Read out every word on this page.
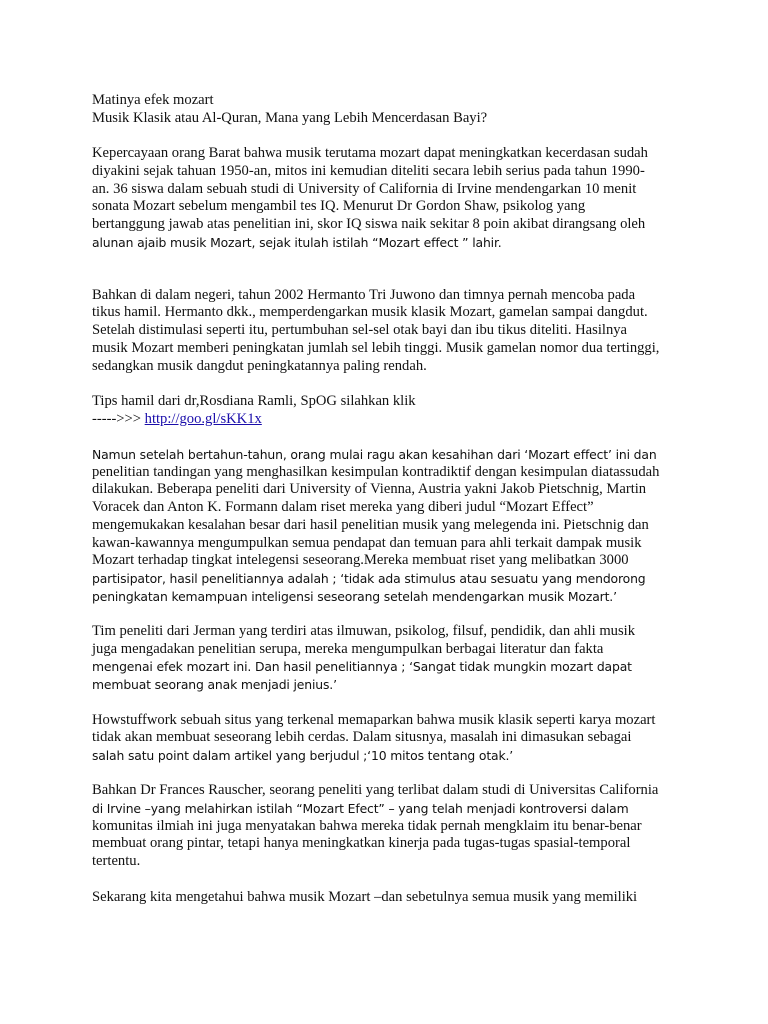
Matinya efek mozart
Musik Klasik atau Al-Quran, Mana yang Lebih Mencerdasan Bayi?
Kepercayaan orang Barat bahwa musik terutama mozart dapat meningkatkan kecerdasan sudah
diyakini sejak tahuan 1950-an, mitos ini kemudian diteliti secara lebih serius pada tahun 1990-
an. 36 siswa dalam sebuah studi di University of California di Irvine mendengarkan 10 menit
sonata Mozart sebelum mengambil tes IQ. Menurut Dr Gordon Shaw, psikolog yang
bertanggung jawab atas penelitian ini, skor IQ siswa naik sekitar 8 poin akibat dirangsang oleh
alunan ajaib musik Mozart, sejak itulah istilah “Mozart effect ” lahir.
Bahkan di dalam negeri, tahun 2002 Hermanto Tri Juwono dan timnya pernah mencoba pada
tikus hamil. Hermanto dkk., memperdengarkan musik klasik Mozart, gamelan sampai dangdut.
Setelah distimulasi seperti itu, pertumbuhan sel-sel otak bayi dan ibu tikus diteliti. Hasilnya
musik Mozart memberi peningkatan jumlah sel lebih tinggi. Musik gamelan nomor dua tertinggi,
sedangkan musik dangdut peningkatannya paling rendah.
Tips hamil dari dr,Rosdiana Ramli, SpOG silahkan klik
----->>> http://goo.gl/sKK1x
Namun setelah bertahun-tahun, orang mulai ragu akan kesahihan dari ‘Mozart effect’ ini dan
penelitian tandingan yang menghasilkan kesimpulan kontradiktif dengan kesimpulan diatassudah
dilakukan. Beberapa peneliti dari University of Vienna, Austria yakni Jakob Pietschnig, Martin
Voracek dan Anton K. Formann dalam riset mereka yang diberi judul “Mozart Effect”
mengemukakan kesalahan besar dari hasil penelitian musik yang melegenda ini. Pietschnig dan
kawan-kawannya mengumpulkan semua pendapat dan temuan para ahli terkait dampak musik
Mozart terhadap tingkat intelegensi seseorang.Mereka membuat riset yang melibatkan 3000
partisipator, hasil penelitiannya adalah ; ‘tidak ada stimulus atau sesuatu yang mendorong
peningkatan kemampuan inteligensi seseorang setelah mendengarkan musik Mozart.’
Tim peneliti dari Jerman yang terdiri atas ilmuwan, psikolog, filsuf, pendidik, dan ahli musik
juga mengadakan penelitian serupa, mereka mengumpulkan berbagai literatur dan fakta
mengenai efek mozart ini. Dan hasil penelitiannya ; ‘Sangat tidak mungkin mozart dapat
membuat seorang anak menjadi jenius.’
Howstuffwork sebuah situs yang terkenal memaparkan bahwa musik klasik seperti karya mozart
tidak akan membuat seseorang lebih cerdas. Dalam situsnya, masalah ini dimasukan sebagai
salah satu point dalam artikel yang berjudul ;‘10 mitos tentang otak.’
Bahkan Dr Frances Rauscher, seorang peneliti yang terlibat dalam studi di Universitas California
di Irvine –yang melahirkan istilah “Mozart Efect” – yang telah menjadi kontroversi dalam
komunitas ilmiah ini juga menyatakan bahwa mereka tidak pernah mengklaim itu benar-benar
membuat orang pintar, tetapi hanya meningkatkan kinerja pada tugas-tugas spasial-temporal
tertentu.
Sekarang kita mengetahui bahwa musik Mozart –dan sebetulnya semua musik yang memiliki
